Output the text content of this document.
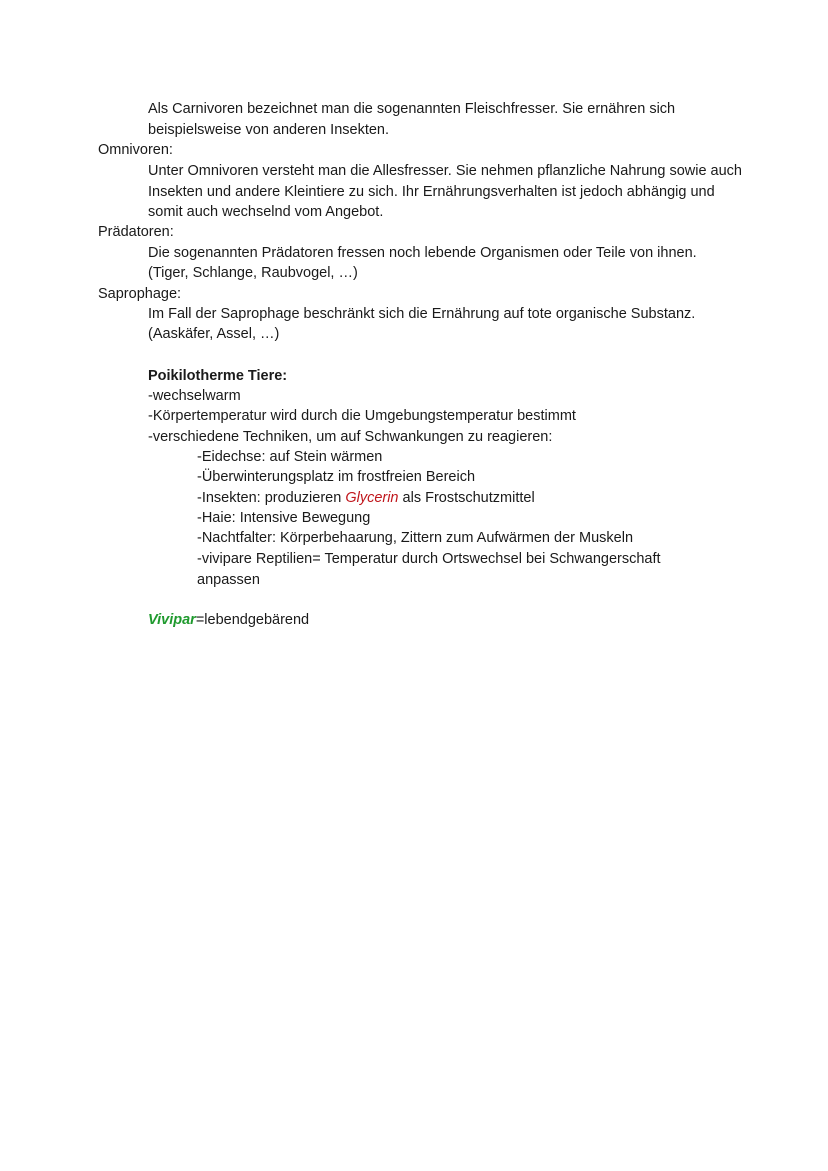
Als Carnivoren bezeichnet man die sogenannten Fleischfresser. Sie ernähren sich beispielsweise von anderen Insekten.

Omnivoren:

Unter Omnivoren versteht man die Allesfresser. Sie nehmen pflanzliche Nahrung sowie auch Insekten und andere Kleintiere zu sich. Ihr Ernährungsverhalten ist jedoch abhängig und somit auch wechselnd vom Angebot.

Prädatoren:

Die sogenannten Prädatoren fressen noch lebende Organismen oder Teile von ihnen.

(Tiger, Schlange, Raubvogel, …)

Saprophage:

Im Fall der Saprophage beschränkt sich die Ernährung auf tote organische Substanz.

(Aaskäfer, Assel, …)

Poikilotherme Tiere:

-wechselwarm

-Körpertemperatur wird durch die Umgebungstemperatur bestimmt

-verschiedene Techniken, um auf Schwankungen zu reagieren:

-Eidechse: auf Stein wärmen

-Überwinterungsplatz im frostfreien Bereich

-Insekten: produzieren Glycerin als Frostschutzmittel

-Haie: Intensive Bewegung

-Nachtfalter: Körperbehaarung, Zittern zum Aufwärmen der Muskeln

-vivipare Reptilien= Temperatur durch Ortswechsel bei Schwangerschaft anpassen

Vivipar=lebendgebärend
